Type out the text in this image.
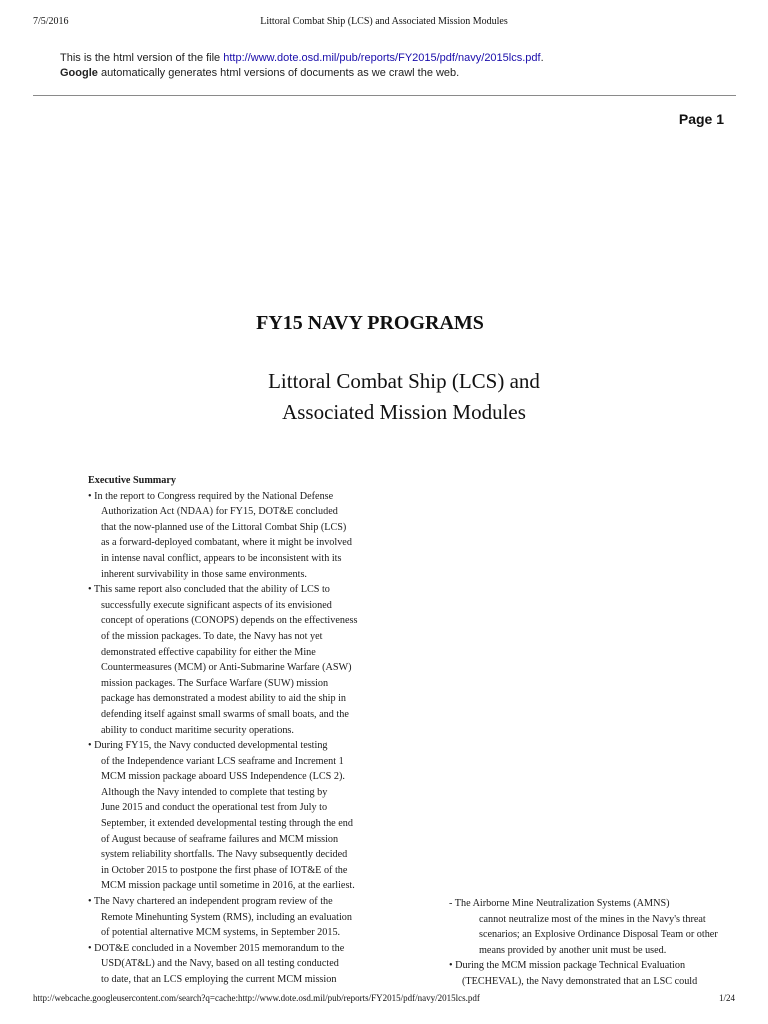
7/5/2016	Littoral Combat Ship (LCS) and Associated Mission Modules
This is the html version of the file http://www.dote.osd.mil/pub/reports/FY2015/pdf/navy/2015lcs.pdf.
Google automatically generates html versions of documents as we crawl the web.
Page 1
FY15 NAVY PROGRAMS
Littoral Combat Ship (LCS) and
Associated Mission Modules
Executive Summary
• In the report to Congress required by the National Defense
Authorization Act (NDAA) for FY15, DOT&E concluded
that the now-planned use of the Littoral Combat Ship (LCS)
as a forward-deployed combatant, where it might be involved
in intense naval conflict, appears to be inconsistent with its
inherent survivability in those same environments.
• This same report also concluded that the ability of LCS to
successfully execute significant aspects of its envisioned
concept of operations (CONOPS) depends on the effectiveness
of the mission packages. To date, the Navy has not yet
demonstrated effective capability for either the Mine
Countermeasures (MCM) or Anti-Submarine Warfare (ASW)
mission packages. The Surface Warfare (SUW) mission
package has demonstrated a modest ability to aid the ship in
defending itself against small swarms of small boats, and the
ability to conduct maritime security operations.
• During FY15, the Navy conducted developmental testing
of the Independence variant LCS seaframe and Increment 1
MCM mission package aboard USS Independence (LCS 2).
Although the Navy intended to complete that testing by
June 2015 and conduct the operational test from July to
September, it extended developmental testing through the end
of August because of seaframe failures and MCM mission
system reliability shortfalls. The Navy subsequently decided
in October 2015 to postpone the first phase of IOT&E of the
MCM mission package until sometime in 2016, at the earliest.
• The Navy chartered an independent program review of the
Remote Minehunting System (RMS), including an evaluation
of potential alternative MCM systems, in September 2015.
• DOT&E concluded in a November 2015 memorandum to the
USD(AT&L) and the Navy, based on all testing conducted
to date, that an LCS employing the current MCM mission
- The Airborne Mine Neutralization Systems (AMNS)
cannot neutralize most of the mines in the Navy's threat
scenarios; an Explosive Ordinance Disposal Team or other
means provided by another unit must be used.
• During the MCM mission package Technical Evaluation
(TECHEVAL), the Navy demonstrated that an LSC could
http://webcache.googleusercontent.com/search?q=cache:http://www.dote.osd.mil/pub/reports/FY2015/pdf/navy/2015lcs.pdf	1/24
